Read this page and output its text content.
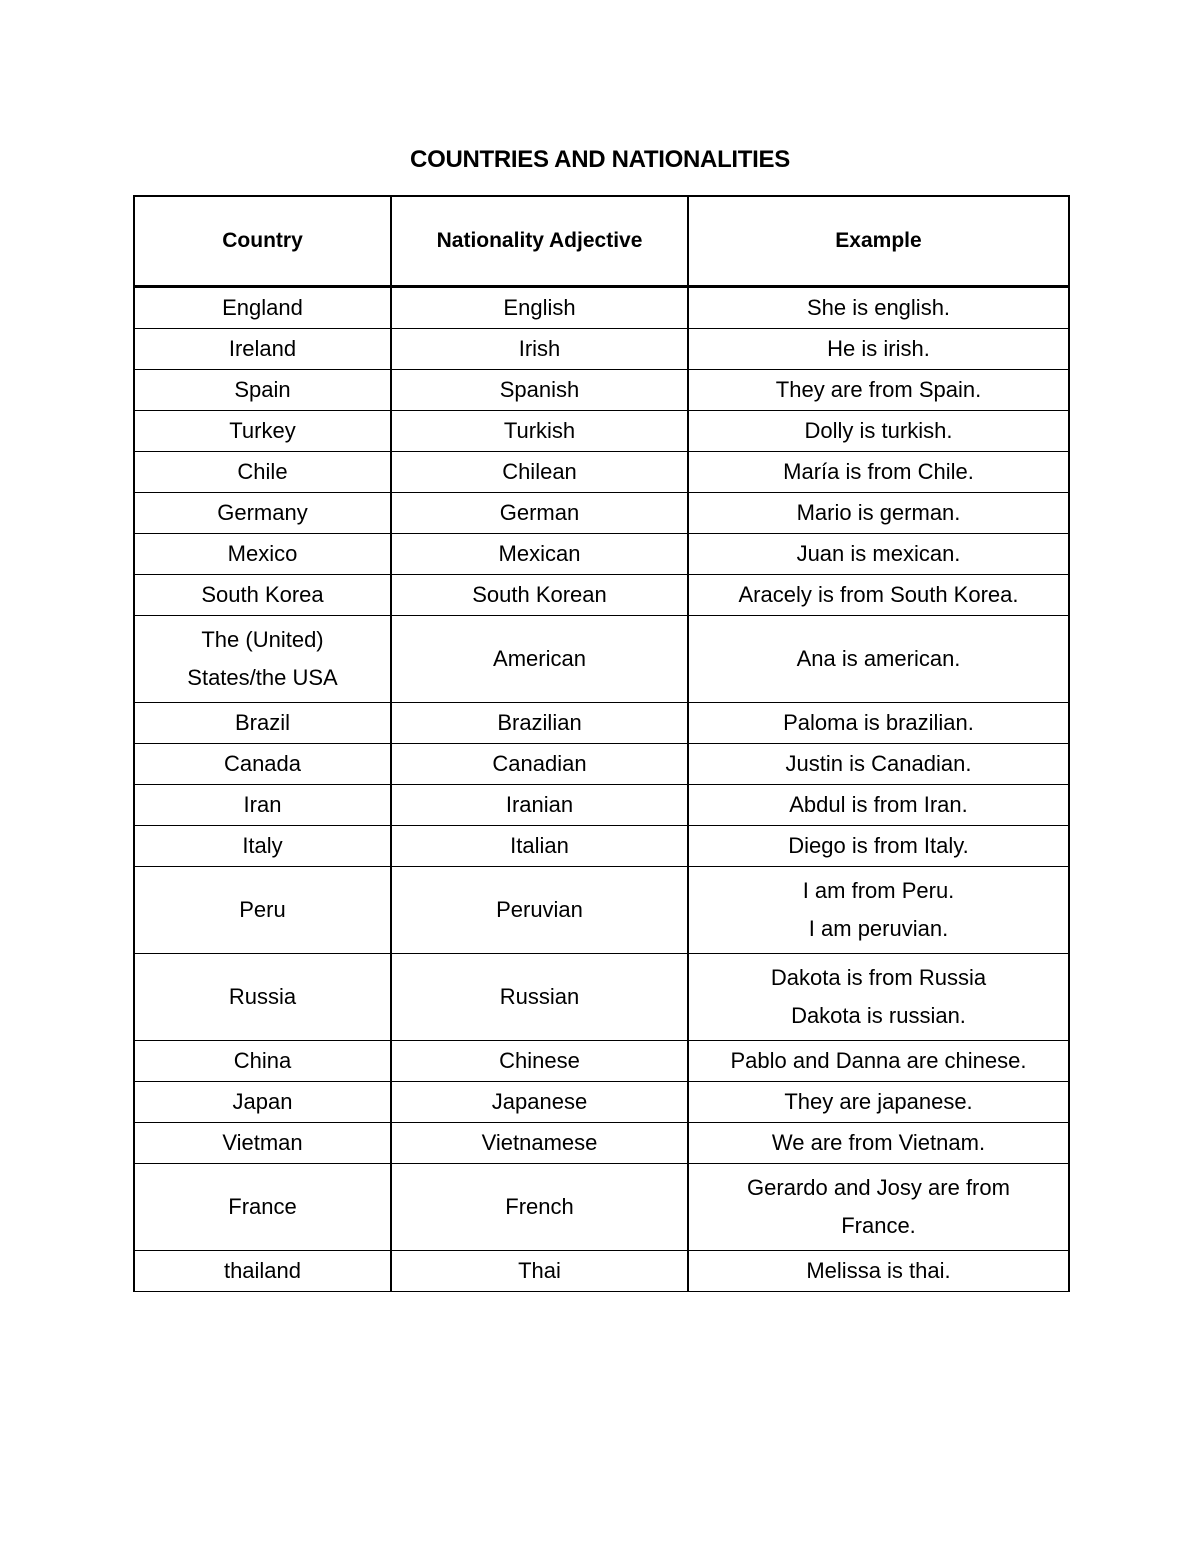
COUNTRIES AND NATIONALITIES
Country	Nationality Adjective	Example

England	English	She is english.

Ireland	Irish	He is irish.

Spain	Spanish	They are from Spain.

Turkey	Turkish	Dolly is turkish.

Chile	Chilean	María is from Chile.

Germany	German	Mario is german.

Mexico	Mexican	Juan is mexican.

South Korea	South Korean	Aracely is from South Korea.

The (United)
States/the USA	American	Ana is american.

Brazil	Brazilian	Paloma is brazilian.

Canada	Canadian	Justin is Canadian.

Iran	Iranian	Abdul is from Iran.

Italy	Italian	Diego is from Italy.

Peru	Peruvian	I am from Peru.
I am peruvian.

Russia	Russian	Dakota is from Russia
Dakota is russian.

China	Chinese	Pablo and Danna are chinese.

Japan	Japanese	They are japanese.

Vietman	Vietnamese	We are from Vietnam.

France	French	Gerardo and Josy are from
France.

thailand	Thai	Melissa is thai.
